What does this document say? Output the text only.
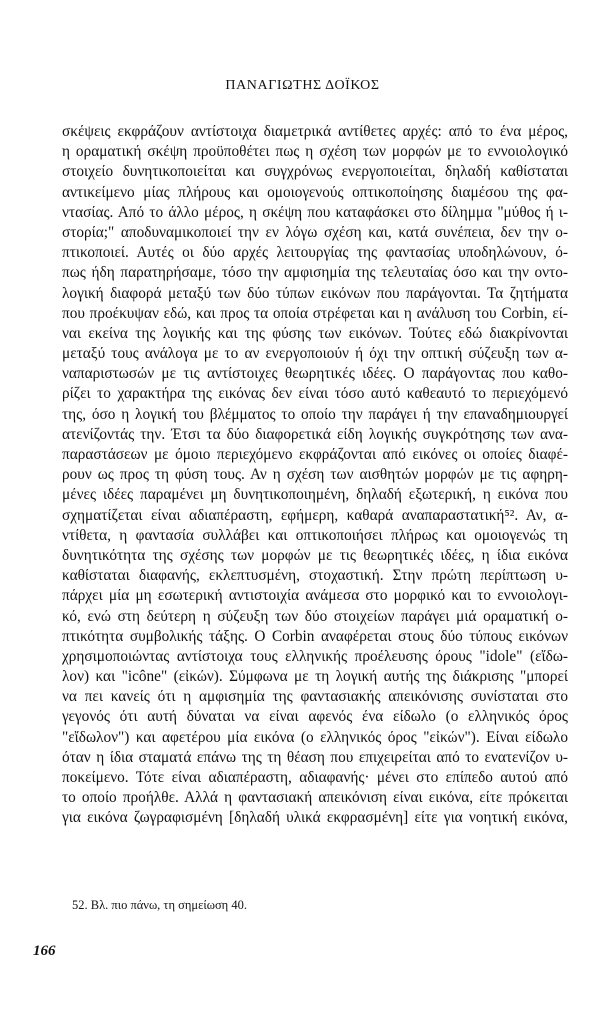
ΠΑΝΑΓΙΩΤΗΣ ΔΟΪΚΟΣ
σκέψεις εκφράζουν αντίστοιχα διαμετρικά αντίθετες αρχές: από το ένα μέρος,
η οραματική σκέψη προϋποθέτει πως η σχέση των μορφών με το εννοιολογικό
στοιχείο δυνητικοποιείται και συγχρόνως ενεργοποιείται, δηλαδή καθίσταται
αντικείμενο μίας πλήρους και ομοιογενούς οπτικοποίησης διαμέσου της φα-
ντασίας. Από το άλλο μέρος, η σκέψη που καταφάσκει στο δίλημμα "μύθος ή ι-
στορία;" αποδυναμικοποιεί την εν λόγω σχέση και, κατά συνέπεια, δεν την ο-
πτικοποιεί. Αυτές οι δύο αρχές λειτουργίας της φαντασίας υποδηλώνουν, ό-
πως ήδη παρατηρήσαμε, τόσο την αμφισημία της τελευταίας όσο και την οντο-
λογική διαφορά μεταξύ των δύο τύπων εικόνων που παράγονται. Τα ζητήματα
που προέκυψαν εδώ, και προς τα οποία στρέφεται και η ανάλυση του Corbin, εί-
ναι εκείνα της λογικής και της φύσης των εικόνων. Τούτες εδώ διακρίνονται
μεταξύ τους ανάλογα με το αν ενεργοποιούν ή όχι την οπτική σύζευξη των α-
ναπαριστωσών με τις αντίστοιχες θεωρητικές ιδέες. Ο παράγοντας που καθο-
ρίζει το χαρακτήρα της εικόνας δεν είναι τόσο αυτό καθεαυτό το περιεχόμενό
της, όσο η λογική του βλέμματος το οποίο την παράγει ή την επαναδημιουργεί
ατενίζοντάς την. Έτσι τα δύο διαφορετικά είδη λογικής συγκρότησης των ανα-
παραστάσεων με όμοιο περιεχόμενο εκφράζονται από εικόνες οι οποίες διαφέ-
ρουν ως προς τη φύση τους. Αν η σχέση των αισθητών μορφών με τις αφηρη-
μένες ιδέες παραμένει μη δυνητικοποιημένη, δηλαδή εξωτερική, η εικόνα που
σχηματίζεται είναι αδιαπέραστη, εφήμερη, καθαρά αναπαραστατική⁵². Αν, α-
ντίθετα, η φαντασία συλλάβει και οπτικοποιήσει πλήρως και ομοιογενώς τη
δυνητικότητα της σχέσης των μορφών με τις θεωρητικές ιδέες, η ίδια εικόνα
καθίσταται διαφανής, εκλεπτυσμένη, στοχαστική. Στην πρώτη περίπτωση υ-
πάρχει μία μη εσωτερική αντιστοιχία ανάμεσα στο μορφικό και το εννοιολογι-
κό, ενώ στη δεύτερη η σύζευξη των δύο στοιχείων παράγει μιά οραματική ο-
πτικότητα συμβολικής τάξης. Ο Corbin αναφέρεται στους δύο τύπους εικόνων
χρησιμοποιώντας αντίστοιχα τους ελληνικής προέλευσης όρους "idole" (εἴδω-
λον) και "icône" (εἰκών). Σύμφωνα με τη λογική αυτής της διάκρισης "μπορεί
να πει κανείς ότι η αμφισημία της φαντασιακής απεικόνισης συνίσταται στο
γεγονός ότι αυτή δύναται να είναι αφενός ένα είδωλο (ο ελληνικός όρος
"εἴδωλον") και αφετέρου μία εικόνα (ο ελληνικός όρος "εἰκών"). Είναι είδωλο
όταν η ίδια σταματά επάνω της τη θέαση που επιχειρείται από το ενατενίζον υ-
ποκείμενο. Τότε είναι αδιαπέραστη, αδιαφανής· μένει στο επίπεδο αυτού από
το οποίο προήλθε. Αλλά η φαντασιακή απεικόνιση είναι εικόνα, είτε πρόκειται
για εικόνα ζωγραφισμένη [δηλαδή υλικά εκφρασμένη] είτε για νοητική εικόνα,
52. Βλ. πιο πάνω, τη σημείωση 40.
166
